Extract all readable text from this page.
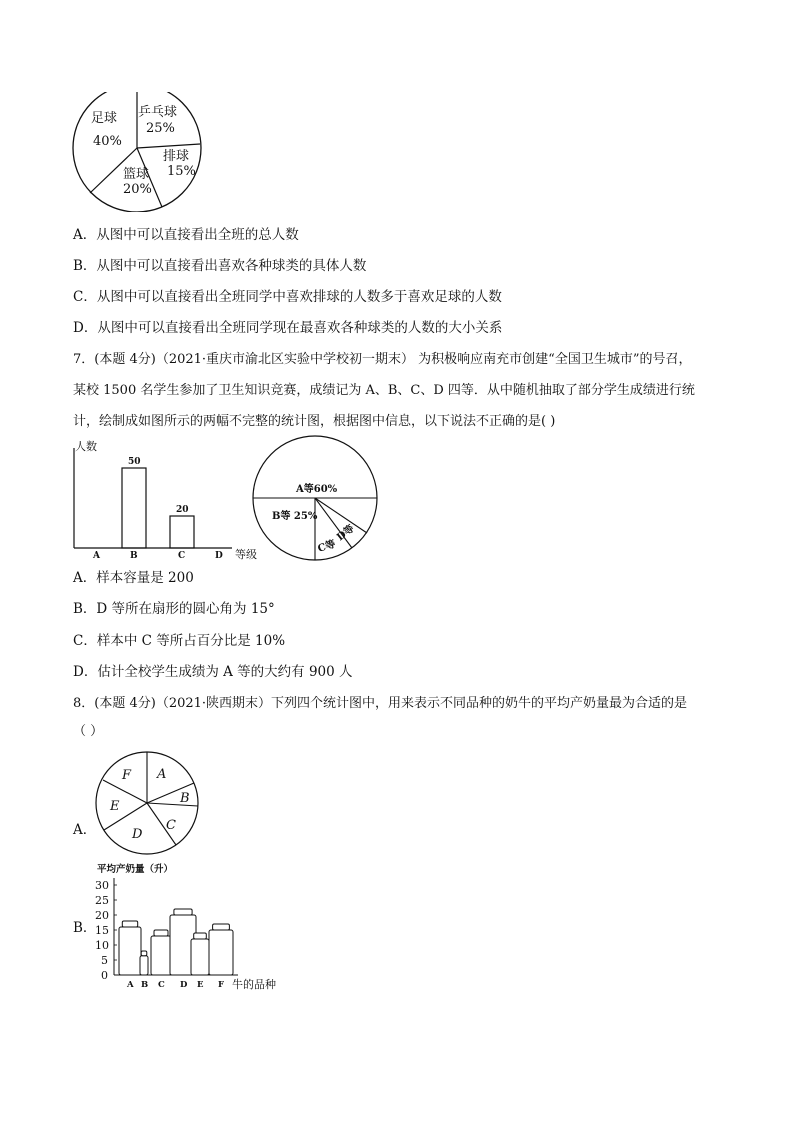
乒乓球
25%
排球
15%
篮球
20%
足球
40%
A．从图中可以直接看出全班的总人数
B．从图中可以直接看出喜欢各种球类的具体人数
C．从图中可以直接看出全班同学中喜欢排球的人数多于喜欢足球的人数
D．从图中可以直接看出全班同学现在最喜欢各种球类的人数的大小关系
7．(本题 4分)（2021·重庆市渝北区实验中学校初一期末） 为积极响应南充市创建“全国卫生城市”的号召，
某校 1500 名学生参加了卫生知识竞赛，成绩记为 A、B、C、D 四等．从中随机抽取了部分学生成绩进行统
计，绘制成如图所示的两幅不完整的统计图，根据图中信息，以下说法不正确的是( )
人数
50
20
A	B	C	D 等级
A等60%
B等 25%
C等
D等
A．样本容量是 200
B．D 等所在扇形的圆心角为 15°
C．样本中 C 等所占百分比是 10%
D．估计全校学生成绩为 A 等的大约有 900 人
8．(本题 4分)（2021·陕西期末）下列四个统计图中，用来表示不同品种的奶牛的平均产奶量最为合适的是
（ ）
A．
A
B
C
D
E
F
B．
平均产奶量（升）
0
5
10
15
20
25
30
A B C D E F 牛的品种
